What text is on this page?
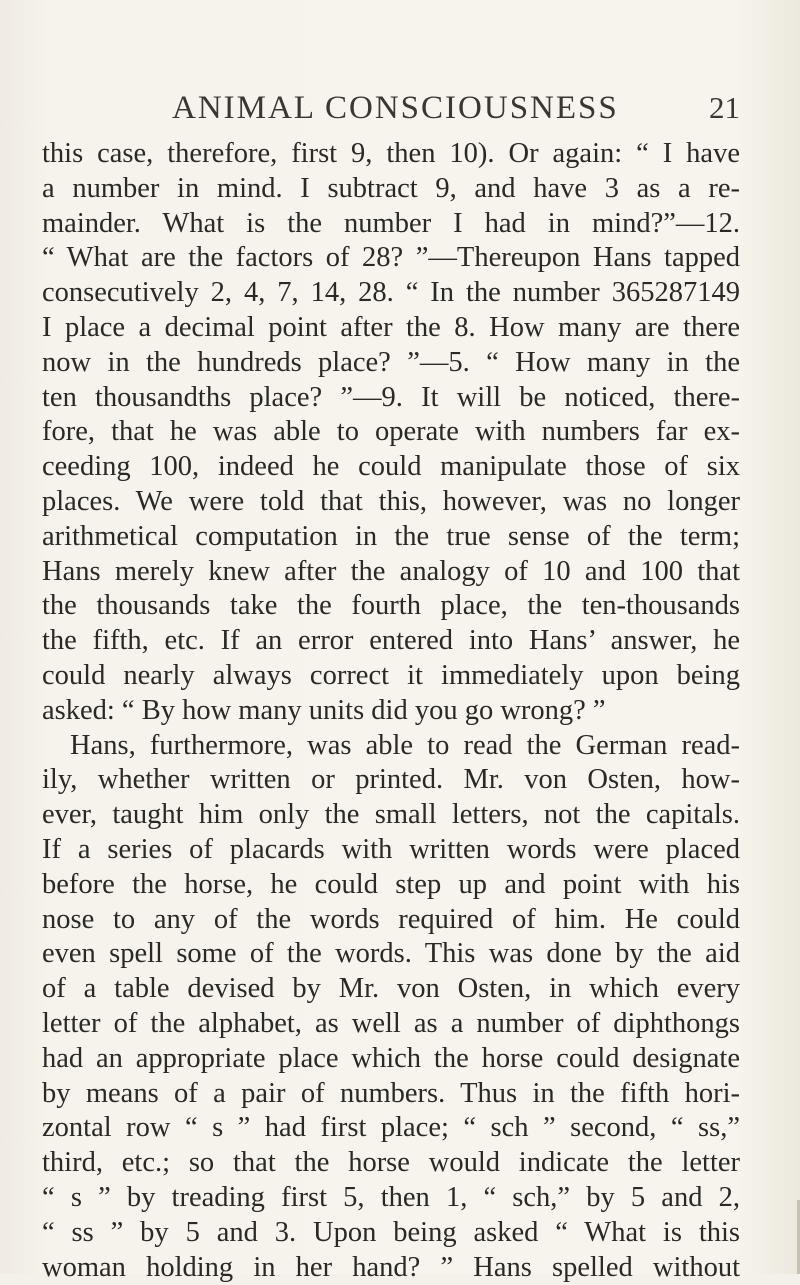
ANIMAL CONSCIOUSNESS	21
this case, therefore, first 9, then 10). Or again: “ I have
a number in mind. I subtract 9, and have 3 as a re-
mainder. What is the number I had in mind?”—12.
“ What are the factors of 28? ”—Thereupon Hans tapped
consecutively 2, 4, 7, 14, 28. “ In the number 365287149
I place a decimal point after the 8. How many are there
now in the hundreds place? ”—5. “ How many in the
ten thousandths place? ”—9. It will be noticed, there-
fore, that he was able to operate with numbers far ex-
ceeding 100, indeed he could manipulate those of six
places. We were told that this, however, was no longer
arithmetical computation in the true sense of the term;
Hans merely knew after the analogy of 10 and 100 that
the thousands take the fourth place, the ten-thousands
the fifth, etc. If an error entered into Hans’ answer, he
could nearly always correct it immediately upon being
asked: “ By how many units did you go wrong? ”
Hans, furthermore, was able to read the German read-
ily, whether written or printed. Mr. von Osten, how-
ever, taught him only the small letters, not the capitals.
If a series of placards with written words were placed
before the horse, he could step up and point with his
nose to any of the words required of him. He could
even spell some of the words. This was done by the aid
of a table devised by Mr. von Osten, in which every
letter of the alphabet, as well as a number of diphthongs
had an appropriate place which the horse could designate
by means of a pair of numbers. Thus in the fifth hori-
zontal row “ s ” had first place; “ sch ” second, “ ss,”
third, etc.; so that the horse would indicate the letter
“ s ” by treading first 5, then 1, “ sch,” by 5 and 2,
“ ss ” by 5 and 3. Upon being asked “ What is this
woman holding in her hand? ” Hans spelled without
